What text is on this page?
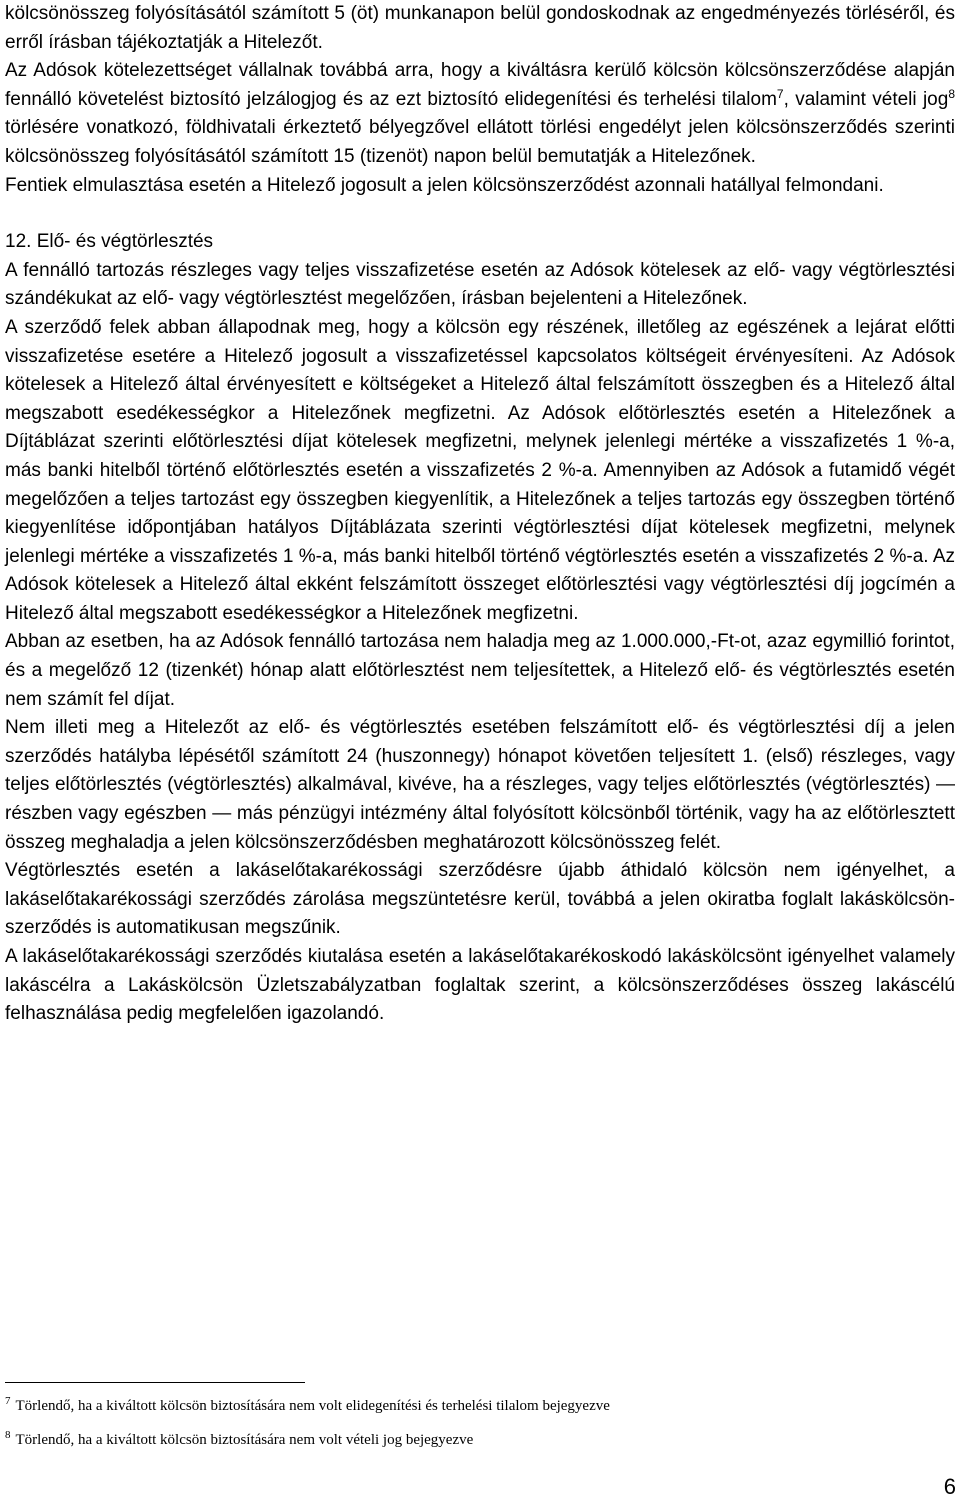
kölcsönösszeg folyósításától számított 5 (öt) munkanapon belül gondoskodnak az engedményezés törléséről, és erről írásban tájékoztatják a Hitelezőt.

Az Adósok kötelezettséget vállalnak továbbá arra, hogy a kiváltásra kerülő kölcsön kölcsönszerződése alapján fennálló követelést biztosító jelzálogjog és az ezt biztosító elidegenítési és terhelési tilalom$^7$, valamint vételi jog$^8$ törlésére vonatkozó, földhivatali érkeztető bélyegzővel ellátott törlési engedélyt jelen kölcsönszerződés szerinti kölcsönösszeg folyósításától számított 15 (tizenöt) napon belül bemutatják a Hitelezőnek.

Fentiek elmulasztása esetén a Hitelező jogosult a jelen kölcsönszerződést azonnali hatállyal felmondani.

12. Elő- és végtörlesztés

A fennálló tartozás részleges vagy teljes visszafizetése esetén az Adósok kötelesek az elő- vagy végtörlesztési szándékukat az elő- vagy végtörlesztést megelőzően, írásban bejelenteni a Hitelezőnek.

A szerződő felek abban állapodnak meg, hogy a kölcsön egy részének, illetőleg az egészének a lejárat előtti visszafizetése esetére a Hitelező jogosult a visszafizetéssel kapcsolatos költségeit érvényesíteni. Az Adósok kötelesek a Hitelező által érvényesített e költségeket a Hitelező által felszámított összegben és a Hitelező által megszabott esedékességkor a Hitelezőnek megfizetni. Az Adósok előtörlesztés esetén a Hitelezőnek a Díjtáblázat szerinti előtörlesztési díjat kötelesek megfizetni, melynek jelenlegi mértéke a visszafizetés 1 %-a, más banki hitelből történő előtörlesztés esetén a visszafizetés 2 %-a. Amennyiben az Adósok a futamidő végét megelőzően a teljes tartozást egy összegben kiegyenlítik, a Hitelezőnek a teljes tartozás egy összegben történő kiegyenlítése időpontjában hatályos Díjtáblázata szerinti végtörlesztési díjat kötelesek megfizetni, melynek jelenlegi mértéke a visszafizetés 1 %-a, más banki hitelből történő végtörlesztés esetén a visszafizetés 2 %-a. Az Adósok kötelesek a Hitelező által ekként felszámított összeget előtörlesztési vagy végtörlesztési díj jogcímén a Hitelező által megszabott esedékességkor a Hitelezőnek megfizetni.

Abban az esetben, ha az Adósok fennálló tartozása nem haladja meg az 1.000.000,-Ft-ot, azaz egymillió forintot, és a megelőző 12 (tizenkét) hónap alatt előtörlesztést nem teljesítettek, a Hitelező elő- és végtörlesztés esetén nem számít fel díjat.

Nem illeti meg a Hitelezőt az elő- és végtörlesztés esetében felszámított elő- és végtörlesztési díj a jelen szerződés hatályba lépésétől számított 24 (huszonnegy) hónapot követően teljesített 1. (első) részleges, vagy teljes előtörlesztés (végtörlesztés) alkalmával, kivéve, ha a részleges, vagy teljes előtörlesztés (végtörlesztés) — részben vagy egészben — más pénzügyi intézmény által folyósított kölcsönből történik, vagy ha az előtörlesztett összeg meghaladja a jelen kölcsönszerződésben meghatározott kölcsönösszeg felét.

Végtörlesztés esetén a lakáselőtakarékossági szerződésre újabb áthidaló kölcsön nem igényelhet, a lakáselőtakarékossági szerződés zárolása megszüntetésre kerül, továbbá a jelen okiratba foglalt lakáskölcsön-szerződés is automatikusan megszűnik.

A lakáselőtakarékossági szerződés kiutalása esetén a lakáselőtakarékoskodó lakáskölcsönt igényelhet valamely lakáscélra a Lakáskölcsön Üzletszabályzatban foglaltak szerint, a kölcsönszerződéses összeg lakáscélú felhasználása pedig megfelelően igazolandó.

$^7$ Törlendő, ha a kiváltott kölcsön biztosítására nem volt elidegenítési és terhelési tilalom bejegyezve

$^8$ Törlendő, ha a kiváltott kölcsön biztosítására nem volt vételi jog bejegyezve

6
